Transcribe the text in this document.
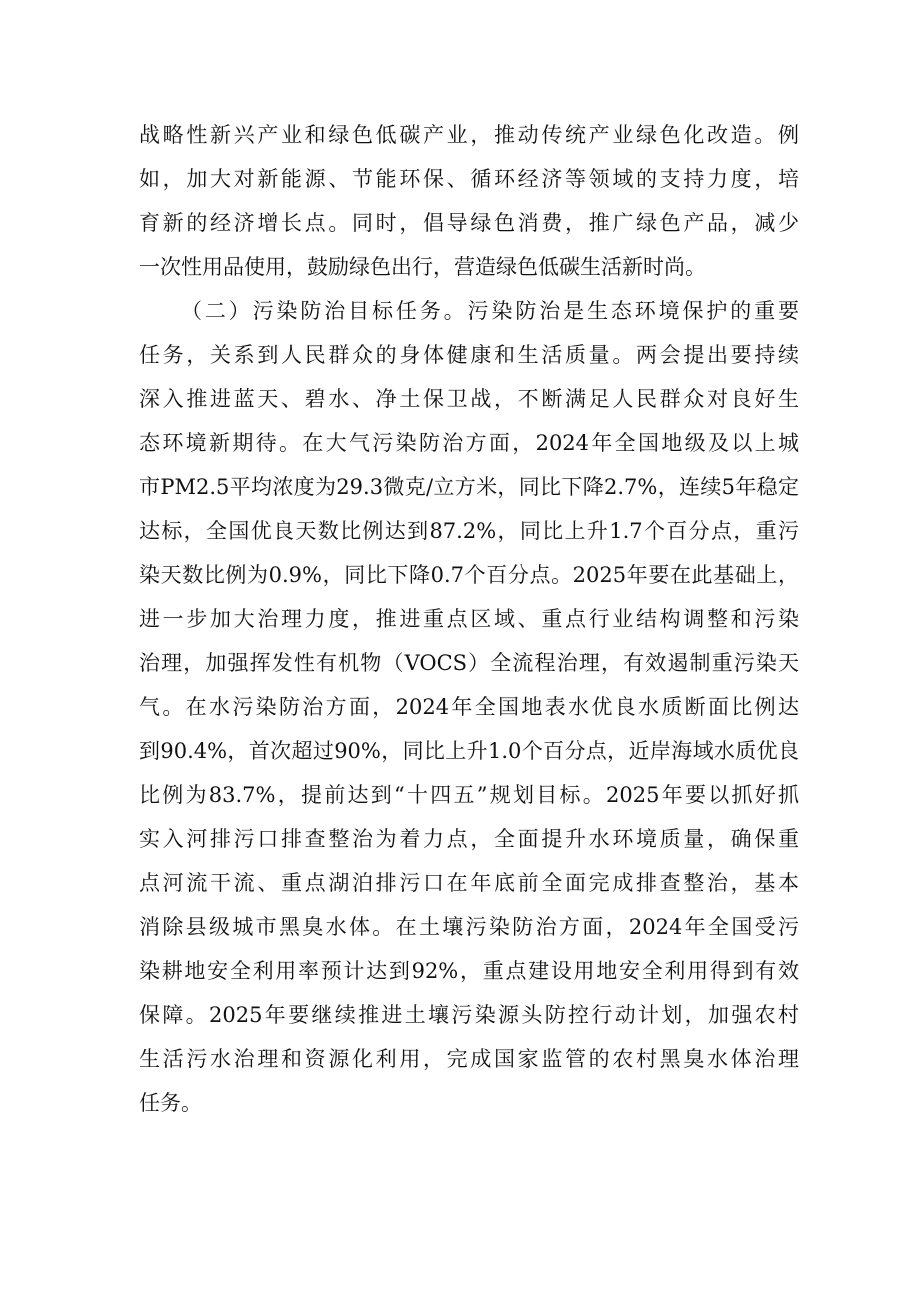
战略性新兴产业和绿色低碳产业，推动传统产业绿色化改造。例
如，加大对新能源、节能环保、循环经济等领域的支持力度，培
育新的经济增长点。同时，倡导绿色消费，推广绿色产品，减少
一次性用品使用，鼓励绿色出行，营造绿色低碳生活新时尚。
（二）污染防治目标任务。污染防治是生态环境保护的重要
任务，关系到人民群众的身体健康和生活质量。两会提出要持续
深入推进蓝天、碧水、净土保卫战，不断满足人民群众对良好生
态环境新期待。在大气污染防治方面，2024年全国地级及以上城
市PM2.5平均浓度为29.3微克/立方米，同比下降2.7%，连续5年稳定
达标，全国优良天数比例达到87.2%，同比上升1.7个百分点，重污
染天数比例为0.9%，同比下降0.7个百分点。2025年要在此基础上，
进一步加大治理力度，推进重点区域、重点行业结构调整和污染
治理，加强挥发性有机物（VOCS）全流程治理，有效遏制重污染天
气。在水污染防治方面，2024年全国地表水优良水质断面比例达
到90.4%，首次超过90%，同比上升1.0个百分点，近岸海域水质优良
比例为83.7%，提前达到“十四五”规划目标。2025年要以抓好抓
实入河排污口排查整治为着力点，全面提升水环境质量，确保重
点河流干流、重点湖泊排污口在年底前全面完成排查整治，基本
消除县级城市黑臭水体。在土壤污染防治方面，2024年全国受污
染耕地安全利用率预计达到92%，重点建设用地安全利用得到有效
保障。2025年要继续推进土壤污染源头防控行动计划，加强农村
生活污水治理和资源化利用，完成国家监管的农村黑臭水体治理
任务。
